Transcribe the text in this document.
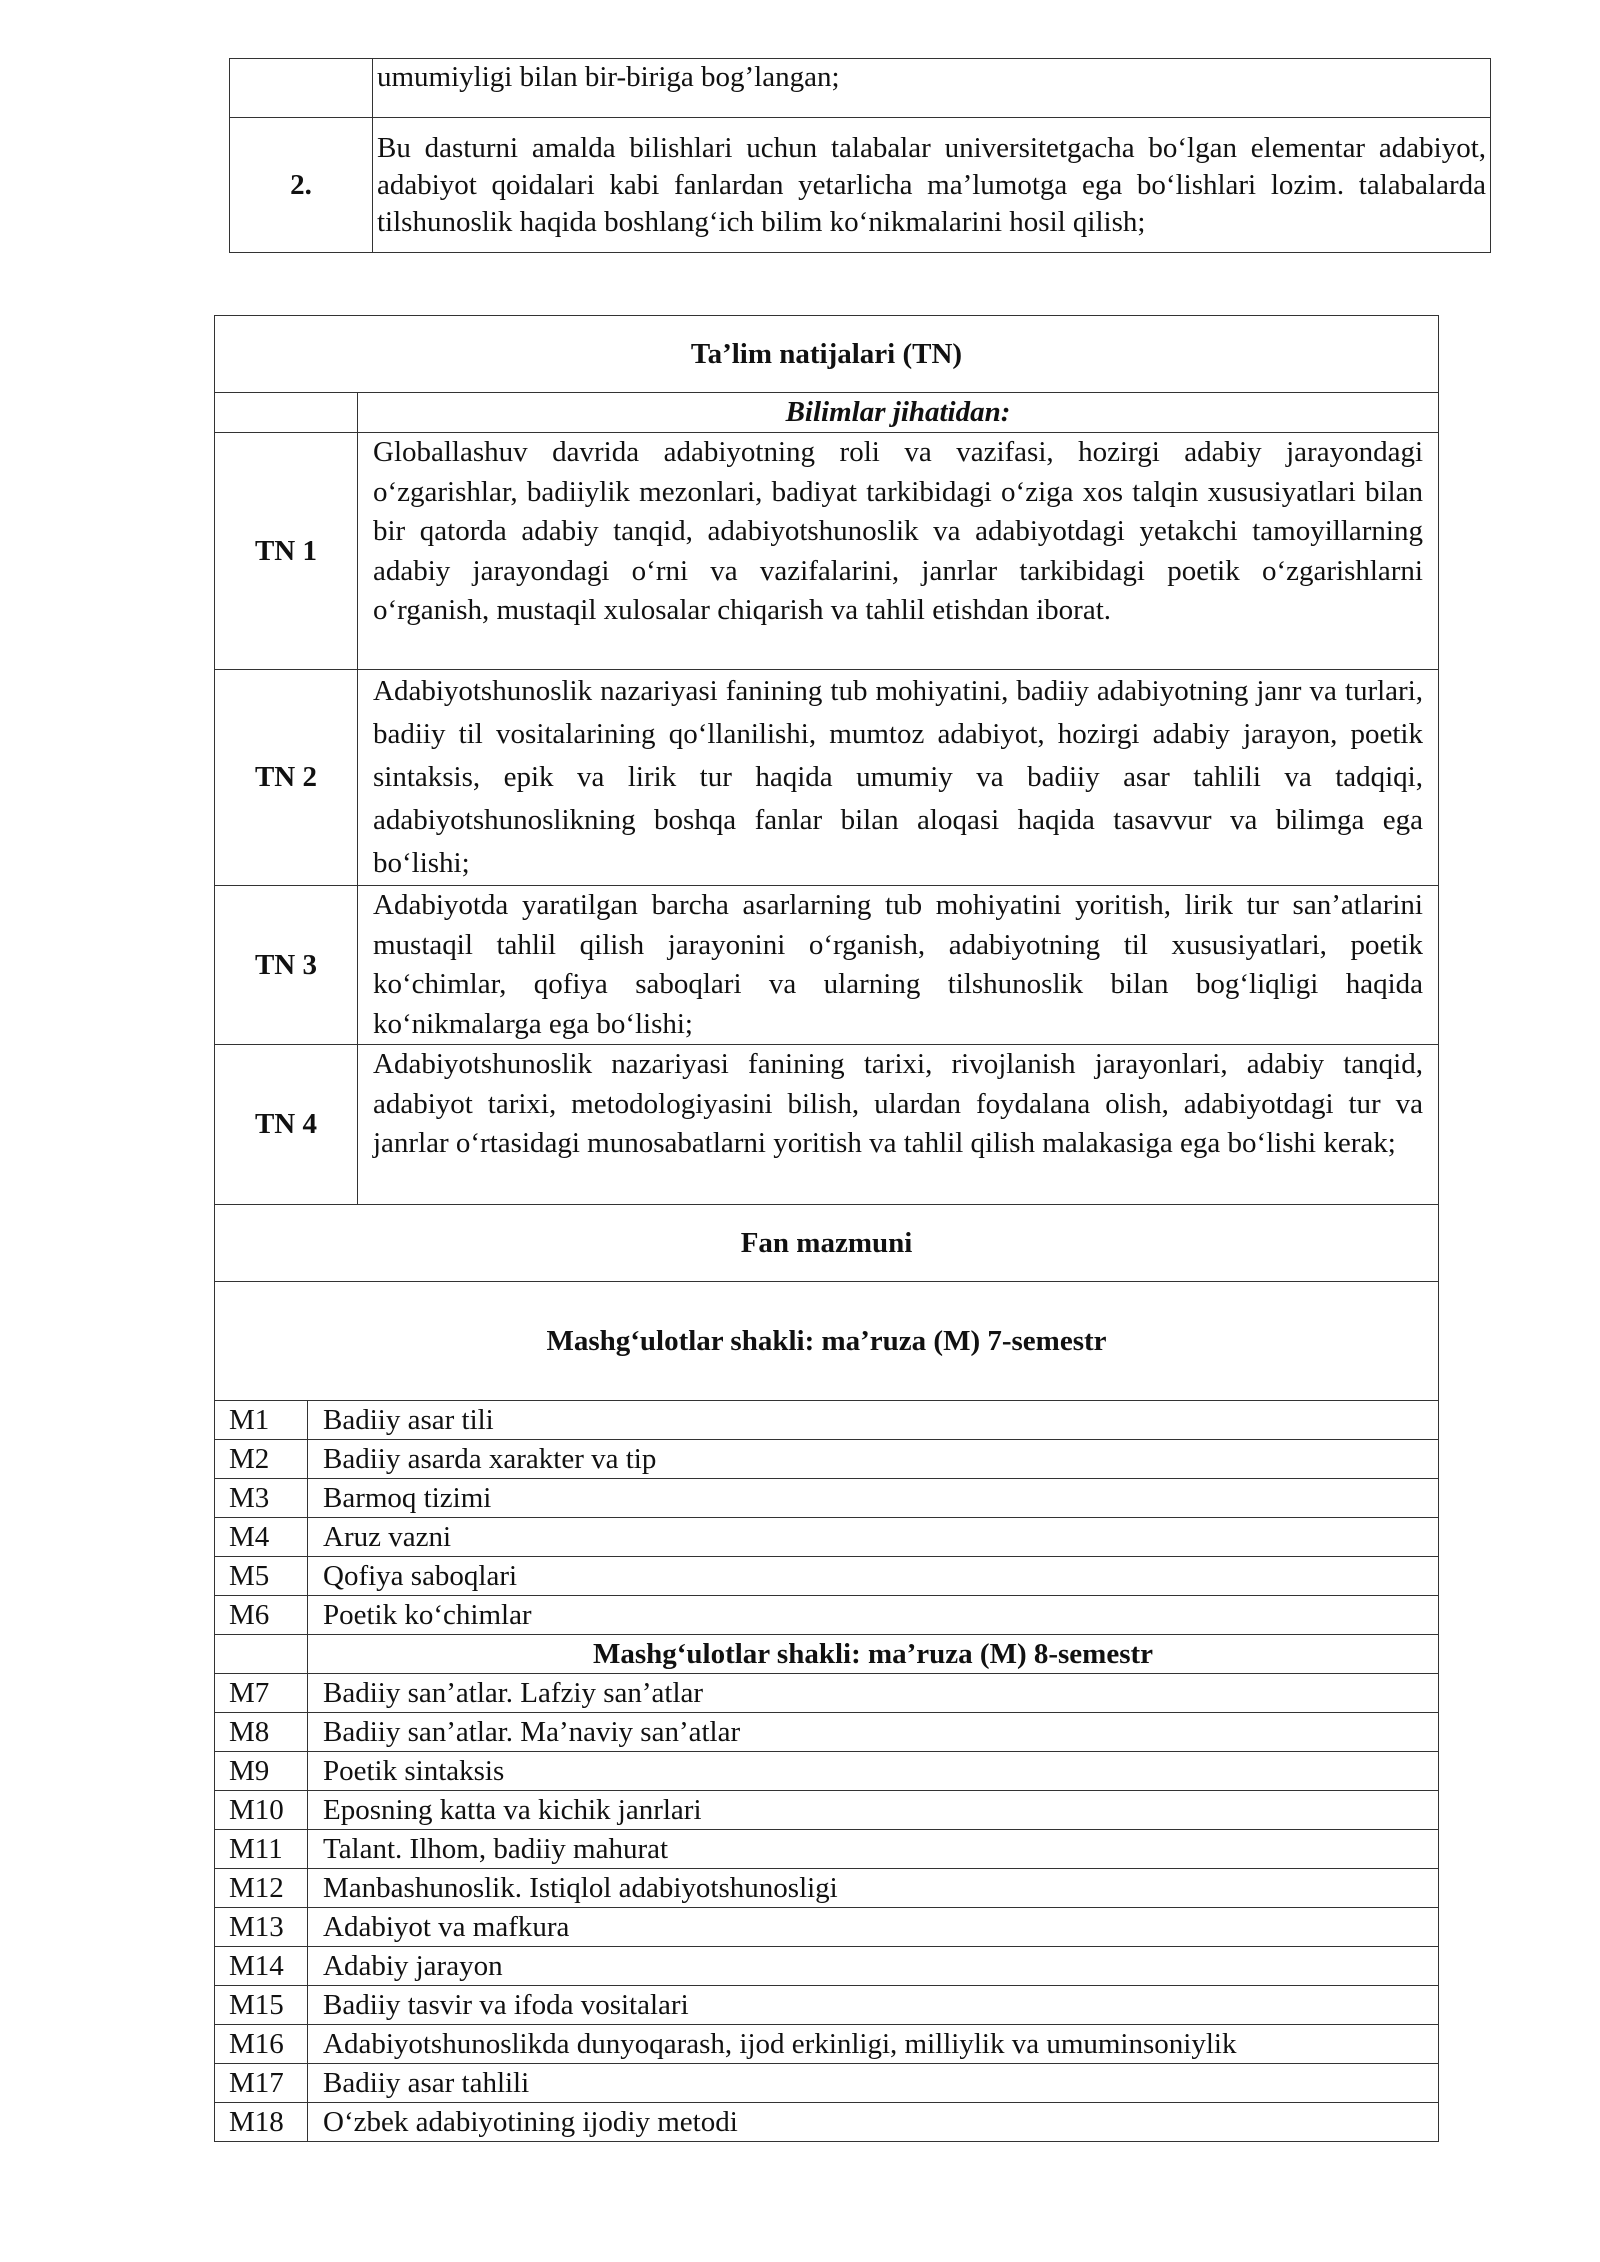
	umumiyligi bilan bir-biriga bog’langan;
2.	Bu dasturni amalda bilishlari uchun talabalar universitetgacha bo‘lgan elementar adabiyot, adabiyot qoidalari kabi fanlardan yetarlicha ma’lumotga ega bo‘lishlari lozim. talabalarda tilshunoslik haqida boshlang‘ich bilim ko‘nikmalarini hosil qilish;
Ta’lim natijalari (TN)		
		Bilimlar jihatidan:
TN 1		Globallashuv davrida adabiyotning roli va vazifasi, hozirgi adabiy jarayondagi o‘zgarishlar, badiiylik mezonlari, badiyat tarkibidagi o‘ziga xos talqin xususiyatlari bilan bir qatorda adabiy tanqid, adabiyotshunoslik va adabiyotdagi yetakchi tamoyillarning adabiy jarayondagi o‘rni va vazifalarini, janrlar tarkibidagi poetik o‘zgarishlarni o‘rganish, mustaqil xulosalar chiqarish va tahlil etishdan iborat.
TN 2		Adabiyotshunoslik nazariyasi fanining tub mohiyatini, badiiy adabiyotning janr va turlari, badiiy til vositalarining qo‘llanilishi, mumtoz adabiyot, hozirgi adabiy jarayon, poetik sintaksis, epik va lirik tur haqida umumiy va badiiy asar tahlili va tadqiqi, adabiyotshunoslikning boshqa fanlar bilan aloqasi haqida tasavvur va bilimga ega bo‘lishi;
TN 3		Adabiyotda yaratilgan barcha asarlarning tub mohiyatini yoritish, lirik tur san’atlarini mustaqil tahlil qilish jarayonini o‘rganish, adabiyotning til xususiyatlari, poetik ko‘chimlar, qofiya saboqlari va ularning tilshunoslik bilan bog‘liqligi haqida ko‘nikmalarga ega bo‘lishi;
TN 4		Adabiyotshunoslik nazariyasi fanining tarixi, rivojlanish jarayonlari, adabiy tanqid, adabiyot tarixi, metodologiyasini bilish, ulardan foydalana olish, adabiyotdagi tur va janrlar o‘rtasidagi munosabatlarni yoritish va tahlil qilish malakasiga ega bo‘lishi kerak;
Fan mazmuni		
Mashg‘ulotlar shakli: ma’ruza (M) 7-semestr		
M1	Badiiy asar tili	
M2	Badiiy asarda xarakter va tip	
M3	Barmoq tizimi	
M4	Aruz vazni	
M5	Qofiya saboqlari	
M6	Poetik ko‘chimlar	
	Mashg‘ulotlar shakli: ma’ruza (M) 8-semestr	
M7	Badiiy san’atlar. Lafziy san’atlar	
M8	Badiiy san’atlar. Ma’naviy san’atlar	
M9	Poetik sintaksis	
M10	Eposning katta va kichik janrlari	
M11	Talant. Ilhom, badiiy mahurat	
M12	Manbashunoslik. Istiqlol adabiyotshunosligi	
M13	Adabiyot va mafkura	
M14	Adabiy jarayon	
M15	Badiiy tasvir va ifoda vositalari	
M16	Adabiyotshunoslikda dunyoqarash, ijod erkinligi, milliylik va umuminsoniylik	
M17	Badiiy asar tahlili	
M18	O‘zbek adabiyotining ijodiy metodi	
